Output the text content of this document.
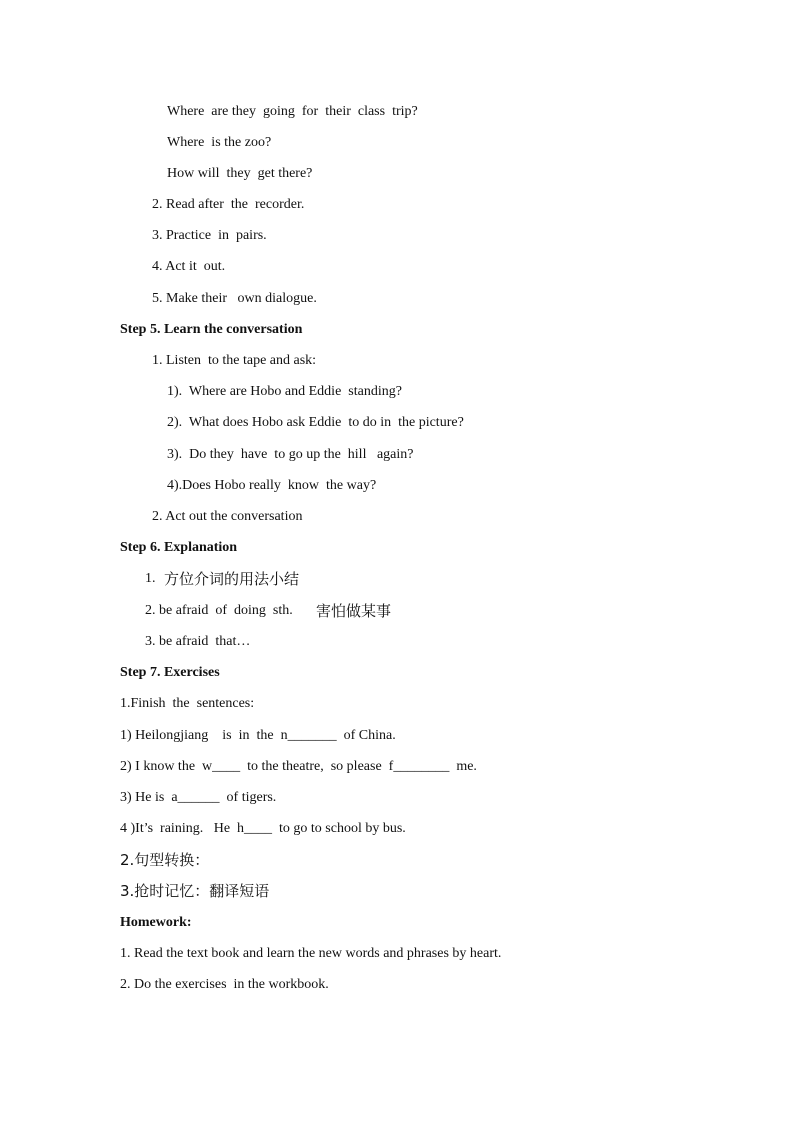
Where  are they  going  for  their  class  trip?
Where  is the zoo?
How will  they  get there?
2. Read after  the  recorder.
3. Practice  in  pairs.
4. Act it  out.
5. Make their   own dialogue.
Step 5. Learn the conversation
1. Listen  to the tape and ask:
1).  Where are Hobo and Eddie  standing?
2).  What does Hobo ask Eddie  to do in  the picture?
3).  Do they  have  to go up the  hill   again?
4).Does Hobo really  know  the way?
2. Act out the conversation
Step 6. Explanation
1. 方位介词的用法小结
2. be afraid  of  doing  sth. 害怕做某事
3. be afraid  that…
Step 7. Exercises
1.Finish  the  sentences:
1) Heilongjiang    is  in  the  n_______  of China.
2) I know the  w____  to the theatre,  so please  f________  me.
3) He is  a______  of tigers.
4 )It’s  raining.   He  h____  to go to school by bus.
2.句型转换：
3.抢时记忆：翻译短语
Homework:
1. Read the text book and learn the new words and phrases by heart.
2. Do the exercises  in the workbook.
